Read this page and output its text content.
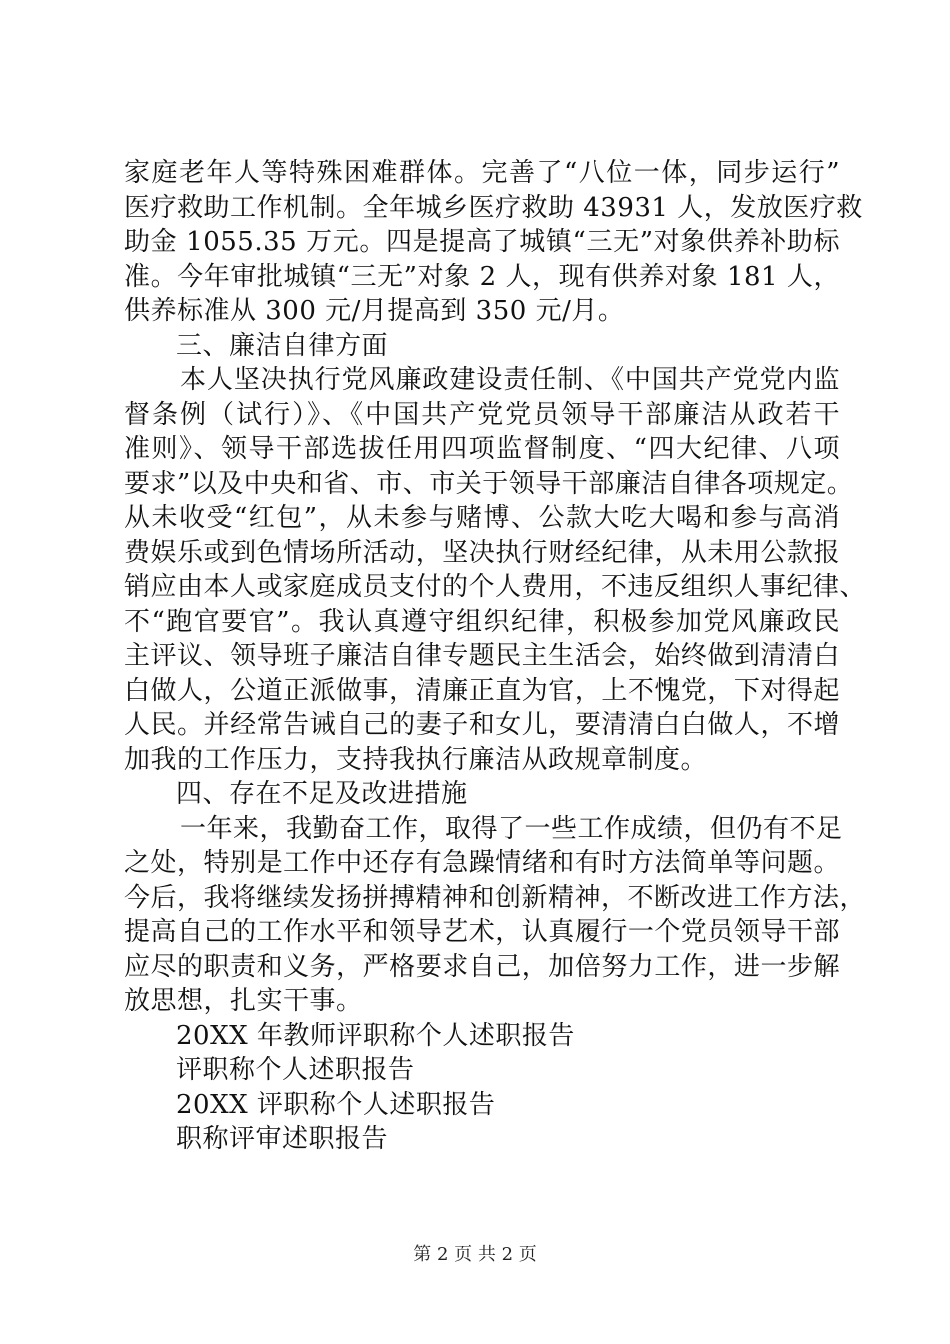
家庭老年人等特殊困难群体。完善了“八位一体，同步运行”
医疗救助工作机制。全年城乡医疗救助 43931 人，发放医疗救
助金 1055.35 万元。四是提高了城镇“三无”对象供养补助标
准。今年审批城镇“三无”对象 2 人，现有供养对象 181 人，
供养标准从 300 元/月提高到 350 元/月。
三、廉洁自律方面
本人坚决执行党风廉政建设责任制、《中国共产党党内监
督条例（试行）》、《中国共产党党员领导干部廉洁从政若干
准则》、领导干部选拔任用四项监督制度、“四大纪律、八项
要求”以及中央和省、市、市关于领导干部廉洁自律各项规定。
从未收受“红包”，从未参与赌博、公款大吃大喝和参与高消
费娱乐或到色情场所活动，坚决执行财经纪律，从未用公款报
销应由本人或家庭成员支付的个人费用，不违反组织人事纪律、
不“跑官要官”。我认真遵守组织纪律，积极参加党风廉政民
主评议、领导班子廉洁自律专题民主生活会，始终做到清清白
白做人，公道正派做事，清廉正直为官，上不愧党，下对得起
人民。并经常告诫自己的妻子和女儿，要清清白白做人，不增
加我的工作压力，支持我执行廉洁从政规章制度。
四、存在不足及改进措施
一年来，我勤奋工作，取得了一些工作成绩，但仍有不足
之处，特别是工作中还存有急躁情绪和有时方法简单等问题。
今后，我将继续发扬拼搏精神和创新精神，不断改进工作方法，
提高自己的工作水平和领导艺术，认真履行一个党员领导干部
应尽的职责和义务，严格要求自己，加倍努力工作，进一步解
放思想，扎实干事。
20XX 年教师评职称个人述职报告
评职称个人述职报告
20XX 评职称个人述职报告
职称评审述职报告
第 2 页 共 2 页
